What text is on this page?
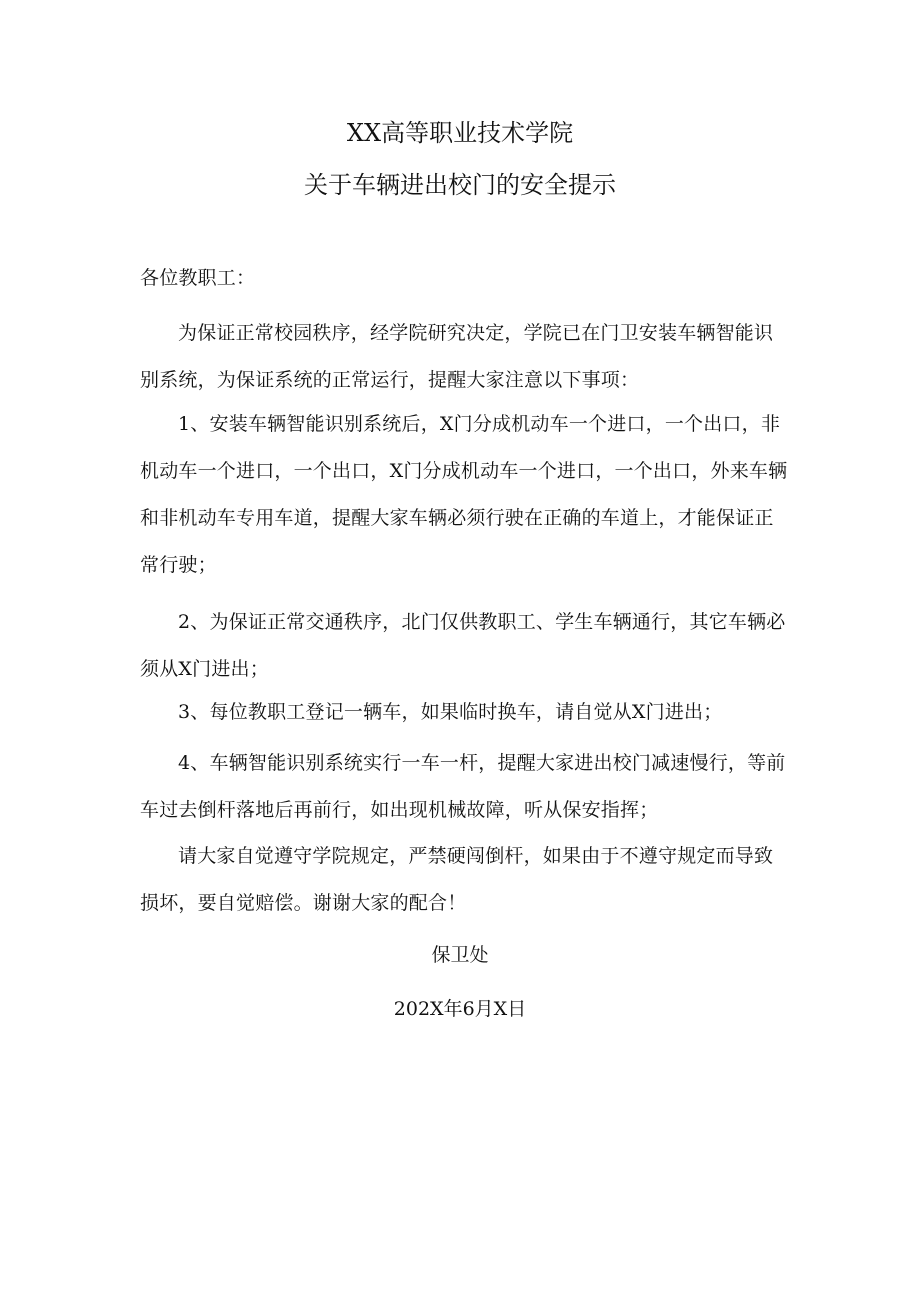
XX高等职业技术学院
关于车辆进出校门的安全提示
各位教职工：

为保证正常校园秩序，经学院研究决定，学院已在门卫安装车辆智能识别系统，为保证系统的正常运行，提醒大家注意以下事项：

1、安装车辆智能识别系统后，X门分成机动车一个进口，一个出口，非机动车一个进口，一个出口，X门分成机动车一个进口，一个出口，外来车辆和非机动车专用车道，提醒大家车辆必须行驶在正确的车道上，才能保证正常行驶；

2、为保证正常交通秩序，北门仅供教职工、学生车辆通行，其它车辆必须从X门进出；

3、每位教职工登记一辆车，如果临时换车，请自觉从X门进出；

4、车辆智能识别系统实行一车一杆，提醒大家进出校门减速慢行，等前车过去倒杆落地后再前行，如出现机械故障，听从保安指挥；

请大家自觉遵守学院规定，严禁硬闯倒杆，如果由于不遵守规定而导致损坏，要自觉赔偿。谢谢大家的配合！

保卫处
202X年6月X日
